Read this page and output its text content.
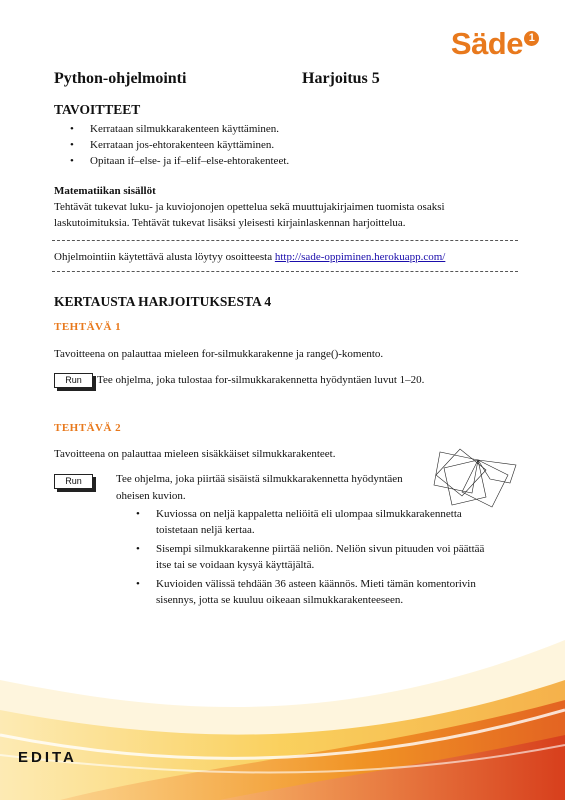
Säde 1
Python-ohjelmointi	Harjoitus 5
TAVOITTEET
• Kerrataan silmukkarakenteen käyttäminen.
• Kerrataan jos-ehtorakenteen käyttäminen.
• Opitaan if–else- ja if–elif–else-ehtorakenteet.
Matematiikan sisällöt
Tehtävät tukevat luku- ja kuviojonojen opettelua sekä muuttujakirjaimen tuomista osaksi
laskutoimituksia. Tehtävät tukevat lisäksi yleisesti kirjainlaskennan harjoittelua.
Ohjelmointiin käytettävä alusta löytyy osoitteesta http://sade-oppiminen.herokuapp.com/
KERTAUSTA HARJOITUKSESTA 4
TEHTÄVÄ 1
Tavoitteena on palauttaa mieleen for-silmukkarakenne ja range()-komento.
Run	Tee ohjelma, joka tulostaa for-silmukkarakennetta hyödyntäen luvut 1–20.
TEHTÄVÄ 2
Tavoitteena on palauttaa mieleen sisäkkäiset silmukkarakenteet.
Run	Tee ohjelma, joka piirtää sisäistä silmukkarakennetta hyödyntäen
oheisen kuvion.
• Kuviossa on neljä kappaletta neliöitä eli ulompaa silmukkarakennetta
toistetaan neljä kertaa.
• Sisempi silmukkarakenne piirtää neliön. Neliön sivun pituuden voi päättää
itse tai se voidaan kysyä käyttäjältä.
• Kuvioiden välissä tehdään 36 asteen käännös. Mieti tämän komentorivin
sisennys, jotta se kuuluu oikeaan silmukkarakenteeseen.
EDITA
